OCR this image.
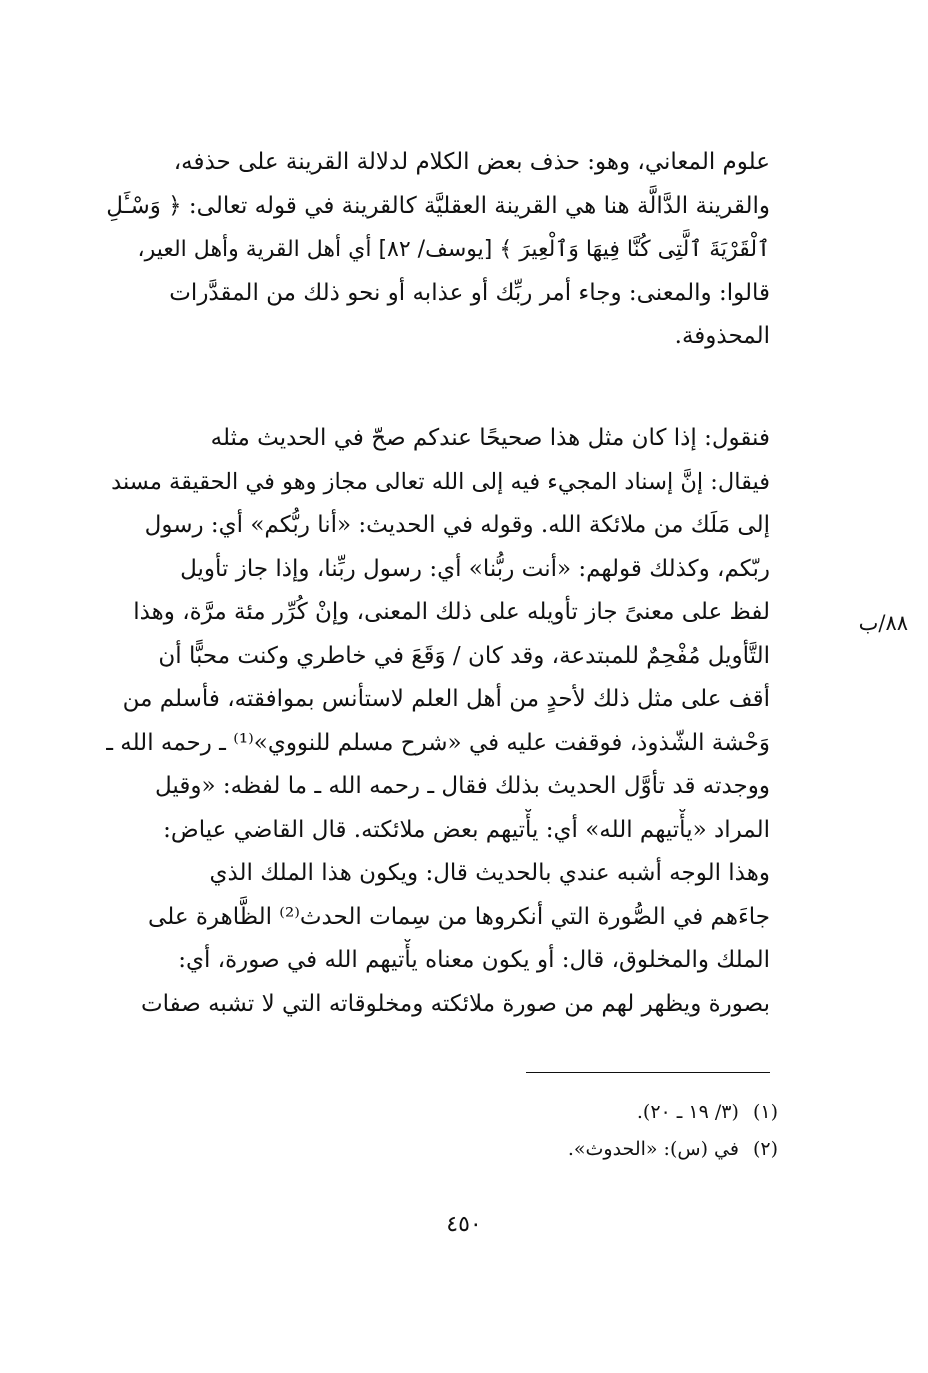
علوم المعاني، وهو: حذف بعض الكلام لدلالة القرينة على حذفه،
والقرينة الدَّالَّة هنا هي القرينة العقليَّة كالقرينة في قوله تعالى: ﴿ وَسْـَٔلِ
ٱلْقَرْيَةَ ٱلَّتِى كُنَّا فِيهَا وَٱلْعِيرَ ﴾ [يوسف/ ٨٢] أي أهل القرية وأهل العير،
قالوا: والمعنى: وجاء أمر ربِّك أو عذابه أو نحو ذلك من المقدَّرات
المحذوفة.
فنقول: إذا كان مثل هذا صحيحًا عندكم صحّ في الحديث مثله
فيقال: إنَّ إسناد المجيء فيه إلى الله تعالى مجاز وهو في الحقيقة مسند
إلى مَلَك من ملائكة الله. وقوله في الحديث: «أنا ربُّكم» أي: رسول
ربّكم، وكذلك قولهم: «أنت ربُّنا» أي: رسول ربِّنا، وإذا جاز تأويل
لفظ على معنىً جاز تأويله على ذلك المعنى، وإنْ كُرِّر مئة مرَّة، وهذا
التَّأويل مُفْحِمٌ للمبتدعة، وقد كان / وَقَعَ في خاطري وكنت محبًّا أن
أقف على مثل ذلك لأحدٍ من أهل العلم لاستأنس بموافقته، فأسلم من
وَحْشة الشّذوذ، فوقفت عليه في «شرح مسلم للنووي»⁽¹⁾ ـ رحمه الله ـ
ووجدته قد تأوَّل الحديث بذلك فقال ـ رحمه الله ـ ما لفظه: «وقيل
المراد «يأْتيهم الله» أي: يأْتيهم بعض ملائكته. قال القاضي عياض:
وهذا الوجه أشبه عندي بالحديث قال: ويكون هذا الملك الذي
جاءَهم في الصُّورة التي أنكروها من سِمات الحدث⁽²⁾ الظَّاهرة على
الملك والمخلوق، قال: أو يكون معناه يأْتيهم الله في صورة، أي:
بصورة ويظهر لهم من صورة ملائكته ومخلوقاته التي لا تشبه صفات
٨٨/ب
(١)(٣/ ١٩ ـ ٢٠).
(٢)في (س): «الحدوث».
٤٥٠
